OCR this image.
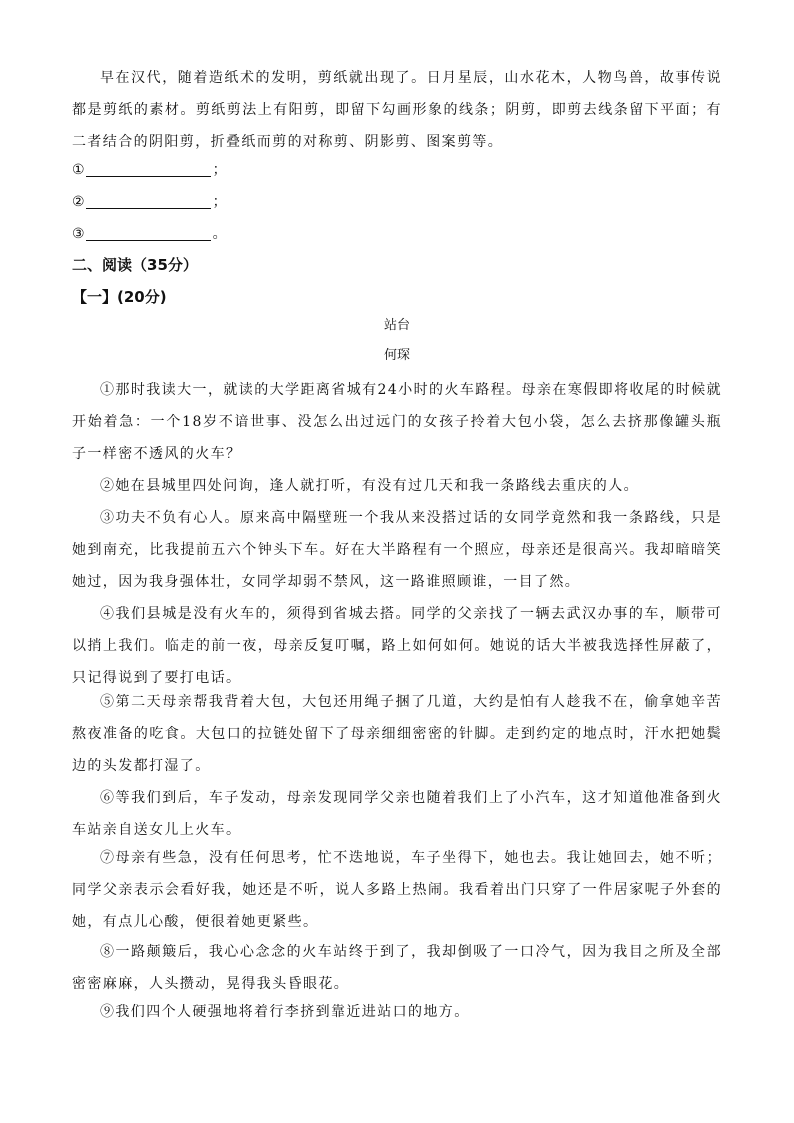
早在汉代，随着造纸术的发明，剪纸就出现了。日月星辰，山水花木，人物鸟兽，故事传说都是剪纸的素材。剪纸剪法上有阳剪，即留下勾画形象的线条；阴剪，即剪去线条留下平面；有二者结合的阴阳剪，折叠纸而剪的对称剪、阴影剪、图案剪等。

①	；
②	；
③	。

二、阅读（35分）

【一】(20分)

站台

何琛

①那时我读大一，就读的大学距离省城有24小时的火车路程。母亲在寒假即将收尾的时候就开始着急：一个18岁不谙世事、没怎么出过远门的女孩子拎着大包小袋，怎么去挤那像罐头瓶子一样密不透风的火车？

②她在县城里四处问询，逢人就打听，有没有过几天和我一条路线去重庆的人。

③功夫不负有心人。原来高中隔壁班一个我从来没搭过话的女同学竟然和我一条路线，只是她到南充，比我提前五六个钟头下车。好在大半路程有一个照应，母亲还是很高兴。我却暗暗笑她过，因为我身强体壮，女同学却弱不禁风，这一路谁照顾谁，一目了然。

④我们县城是没有火车的，须得到省城去搭。同学的父亲找了一辆去武汉办事的车，顺带可以捎上我们。临走的前一夜，母亲反复叮嘱，路上如何如何。她说的话大半被我选择性屏蔽了，只记得说到了要打电话。

⑤第二天母亲帮我背着大包，大包还用绳子捆了几道，大约是怕有人趁我不在，偷拿她辛苦熬夜准备的吃食。大包口的拉链处留下了母亲细细密密的针脚。走到约定的地点时，汗水把她鬓边的头发都打湿了。

⑥等我们到后，车子发动，母亲发现同学父亲也随着我们上了小汽车，这才知道他准备到火车站亲自送女儿上火车。

⑦母亲有些急，没有任何思考，忙不迭地说，车子坐得下，她也去。我让她回去，她不听；同学父亲表示会看好我，她还是不听，说人多路上热闹。我看着出门只穿了一件居家呢子外套的她，有点儿心酸，便很着她更紧些。

⑧一路颠簸后，我心心念念的火车站终于到了，我却倒吸了一口冷气，因为我目之所及全部密密麻麻，人头攒动，晃得我头昏眼花。

⑨我们四个人硬强地将着行李挤到靠近进站口的地方。
